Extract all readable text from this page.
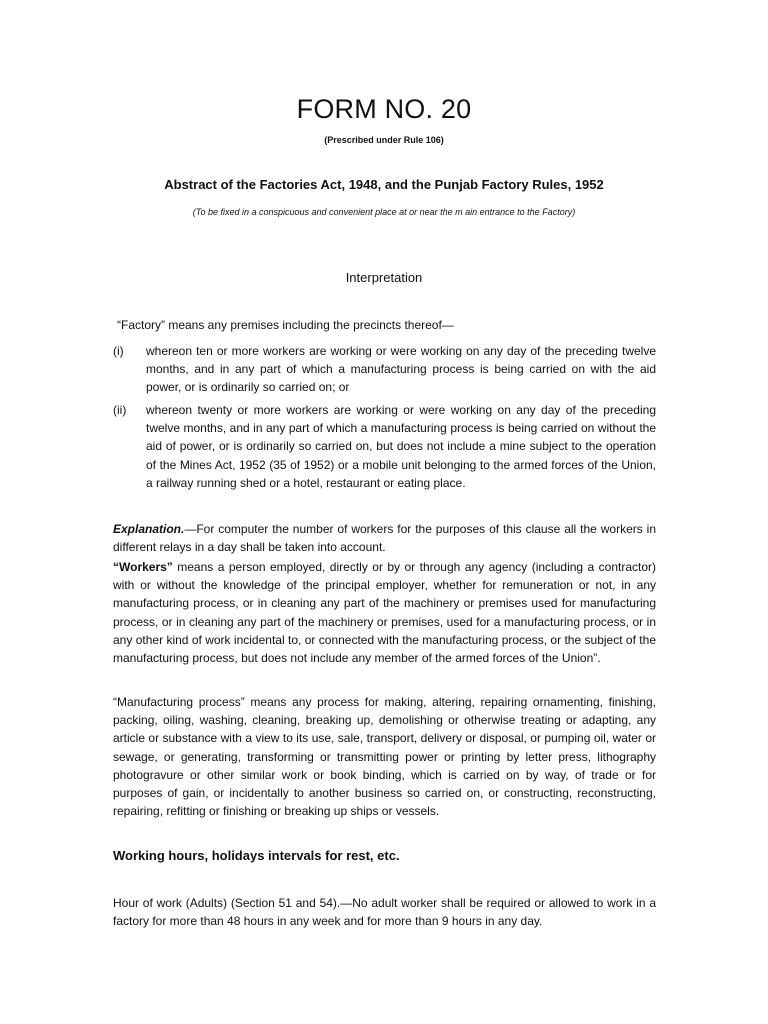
FORM NO. 20
(Prescribed under Rule 106)
Abstract of the Factories Act, 1948, and the Punjab Factory Rules, 1952
(To be fixed in a conspicuous and convenient place at or near the m ain entrance to the Factory)
Interpretation
“Factory” means any premises including the precincts thereof—
(i)	whereon ten or more workers are working or were working on any day of the preceding twelve months, and in any part of which a manufacturing process is being carried on with the aid power, or is ordinarily so carried on; or
(ii)	whereon twenty or more workers are working or were working on any day of the preceding twelve months, and in any part of which a manufacturing process is being carried on without the aid of power, or is ordinarily so carried on, but does not include a mine subject to the operation of the Mines Act, 1952 (35 of 1952) or a mobile unit belonging to the armed forces of the Union, a railway running shed or a hotel, restaurant or eating place.
Explanation.—For computer the number of workers for the purposes of this clause all the workers in different relays in a day shall be taken into account.
“Workers” means a person employed, directly or by or through any agency (including a contractor) with or without the knowledge of the principal employer, whether for remuneration or not, in any manufacturing process, or in cleaning any part of the machinery or premises used for manufacturing process, or in cleaning any part of the machinery or premises, used for a manufacturing process, or in any other kind of work incidental to, or connected with the manufacturing process, or the subject of the manufacturing process, but does not include any member of the armed forces of the Union”.
“Manufacturing process” means any process for making, altering, repairing ornamenting, finishing, packing, oiling, washing, cleaning, breaking up, demolishing or otherwise treating or adapting, any article or substance with a view to its use, sale, transport, delivery or disposal, or pumping oil, water or sewage, or generating, transforming or transmitting power or printing by letter press, lithography photogravure or other similar work or book binding, which is carried on by way, of trade or for purposes of gain, or incidentally to another business so carried on, or constructing, reconstructing, repairing, refitting or finishing or breaking up ships or vessels.
Working hours, holidays intervals for rest, etc.
Hour of work (Adults) (Section 51 and 54).—No adult worker shall be required or allowed to work in a factory for more than 48 hours in any week and for more than 9 hours in any day.
